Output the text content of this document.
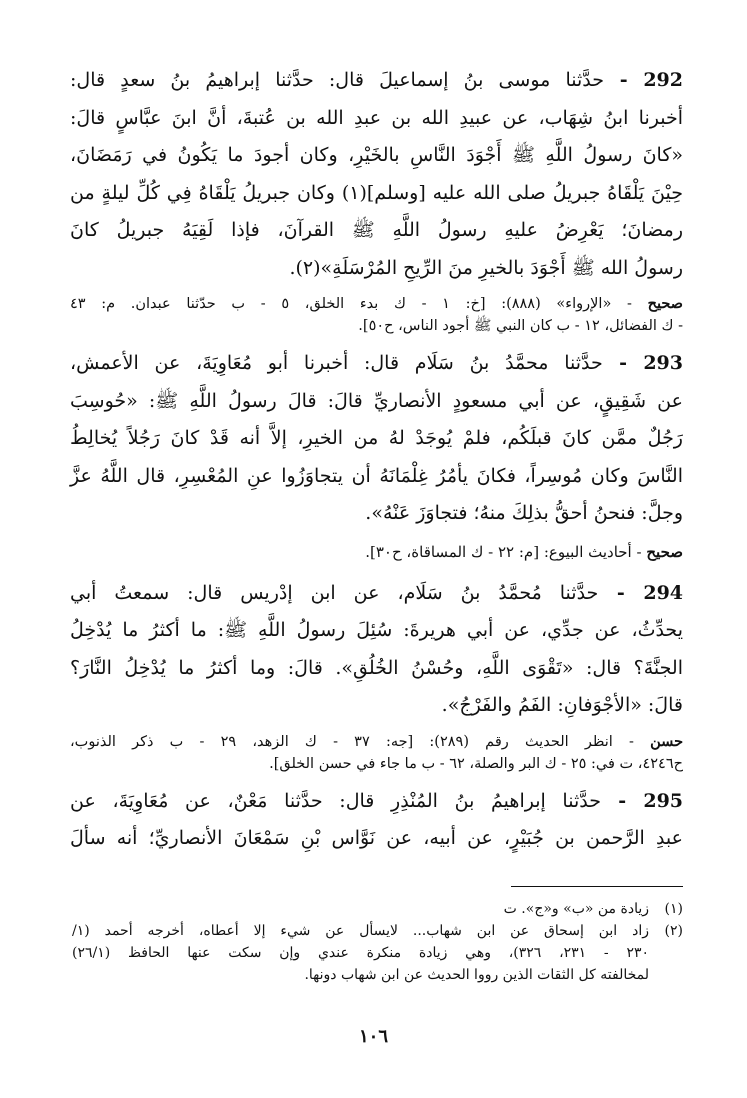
292 - حدَّثنا موسى بنُ إسماعيلَ قال: حدَّثنا إبراهيمُ بنُ سعدٍ قال:

أخبرنا ابنُ شِهَاب، عن عبيدِ الله بن عبدِ الله بن عُتبةَ، أنَّ ابنَ عبَّاسٍ قالَ:

«كانَ رسولُ اللَّهِ ﷺ أَجْوَدَ النَّاسِ بالخَيْرِ، وكان أجودَ ما يَكُونُ في رَمَضَانَ،

حِيْنَ يَلْقَاهُ جبريلُ صلى الله عليه [وسلم](١) وكان جبريلُ يَلْقَاهُ فِي كُلِّ ليلةٍ من

رمضانَ؛ يَعْرِضُ عليهِ رسولُ اللَّهِ ﷺ القرآنَ، فإذا لَقِيَهُ جبريلُ كانَ

رسولُ الله ﷺ أَجْوَدَ بالخيرِ منَ الرِّيحِ المُرْسَلَةِ»(٢).

صحيح - «الإرواء» (٨٨٨): [خ: ١ - ك بدء الخلق، ٥ - ب حدّثنا عبدان. م: ٤٣

- ك الفضائل، ١٢ - ب كان النبي ﷺ أجود الناس، ح٥٠].

293 - حدَّثنا محمَّدُ بنُ سَلَام قال: أخبرنا أبو مُعَاوِيَةَ، عن الأعمش،

عن شَقِيقٍ، عن أبي مسعودٍ الأنصاريِّ قالَ: قالَ رسولُ اللَّهِ ﷺ: «حُوسِبَ

رَجُلٌ ممَّن كانَ قبلَكُم، فلمْ يُوجَدْ لهُ من الخيرِ، إلاَّ أنه قَدْ كانَ رَجُلاً يُخالِطُ

النَّاسَ وكان مُوسِراً، فكانَ يأمُرُ غِلْمَانَهُ أن يتجاوَزُوا عنِ المُعْسِرِ، قال اللَّهُ عزَّ

وجلَّ: فنحنُ أحقُّ بذلِكَ منهُ؛ فتجاوَزَ عَنْهُ».

صحيح - أحاديث البيوع: [م: ٢٢ - ك المساقاة، ح٣٠].

294 - حدَّثنا مُحمَّدُ بنُ سَلَام، عن ابن إدْريس قال: سمعتُ أبي

يحدِّثُ، عن جدِّي، عن أبي هريرةَ: سُئِلَ رسولُ اللَّهِ ﷺ: ما أكثرُ ما يُدْخِلُ

الجنَّةَ؟ قال: «تَقْوَى اللَّهِ، وحُسْنُ الخُلُقِ». قالَ: وما أكثرُ ما يُدْخِلُ النَّارَ؟

قالَ: «الأجْوَفانِ: الفَمُ والفَرْجُ».

حسن - انظر الحديث رقم (٢٨٩): [جه: ٣٧ - ك الزهد، ٢٩ - ب ذكر الذنوب،

ح٤٢٤٦، ت في: ٢٥ - ك البر والصلة، ٦٢ - ب ما جاء في حسن الخلق].

295 - حدَّثنا إبراهيمُ بنُ المُنْذِرِ قال: حدَّثنا مَعْنٌ، عن مُعَاوِيَةَ، عن

عبدِ الرَّحمن بن جُبَيْرٍ، عن أبيه، عن نَوَّاس بْنِ سَمْعَانَ الأنصاريِّ؛ أنه سألَ

(١)
زيادة من «ب» و«ج». ت
(٢)
زاد ابن إسحاق عن ابن شهاب... لايسأل عن شيء إلا أعطاه، أخرجه أحمد (١/
٢٣٠ - ٢٣١، ٣٢٦)، وهي زيادة منكرة عندي وإن سكت عنها الحافظ (٢٦/١)
لمخالفته كل الثقات الذين رووا الحديث عن ابن شهاب دونها.
١٠٦
